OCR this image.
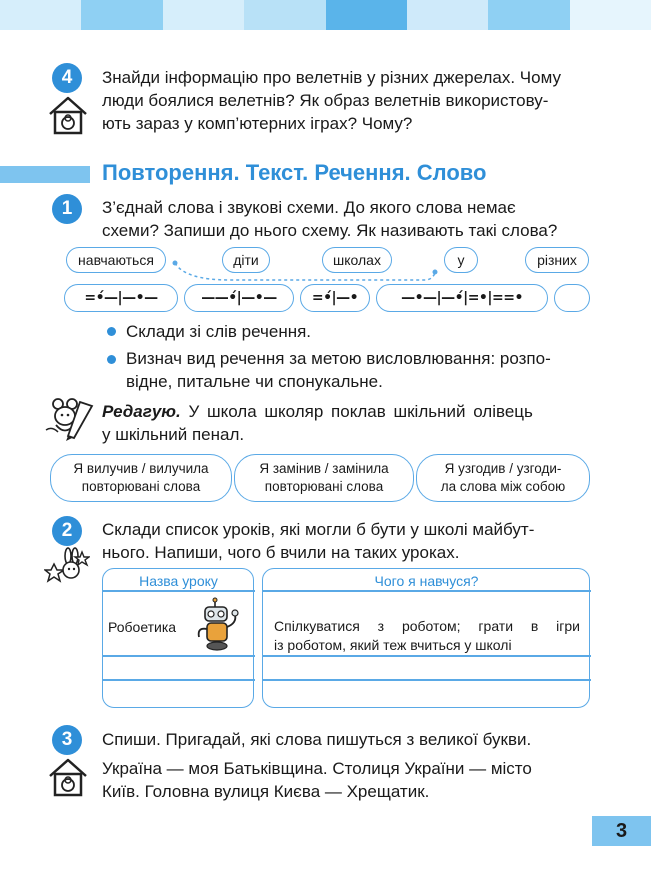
4	Знайди інформацію про велетнів у різних джерелах. Чому
люди боялися велетнів? Як образ велетнів використову-
ють зараз у комп’ютерних іграх? Чому?
Повторення. Текст. Речення. Слово
1	З’єднай слова і звукові схеми. До якого слова немає
схеми? Запиши до нього схему. Як називають такі слова?
навчаються	діти	школах	у	різних
=•́—|—•—	——•́|—•—	=•́|—•	—•—|—•́|=•|==•
Склади зі слів речення.
Визнач вид речення за метою висловлювання: розпо-
відне, питальне чи спонукальне.
Редагую. У школа школяр поклав шкільний олівець
у шкільний пенал.
Я вилучив / вилучила
повторювані слова
Я замінив / замінила
повторювані слова
Я узгодив / узгоди-
ла слова між собою
2	Склади список уроків, які могли б бути у школі майбут-
нього. Напиши, чого б вчили на таких уроках.
Назва уроку	Чого я навчуся?
Робоетика	Спілкуватися з роботом; грати в ігри
із роботом, який теж вчиться у школі
3	Спиши. Пригадай, які слова пишуться з великої букви.
Україна — моя Батьківщина. Столиця України — місто
Київ. Головна вулиця Києва — Хрещатик.
3
